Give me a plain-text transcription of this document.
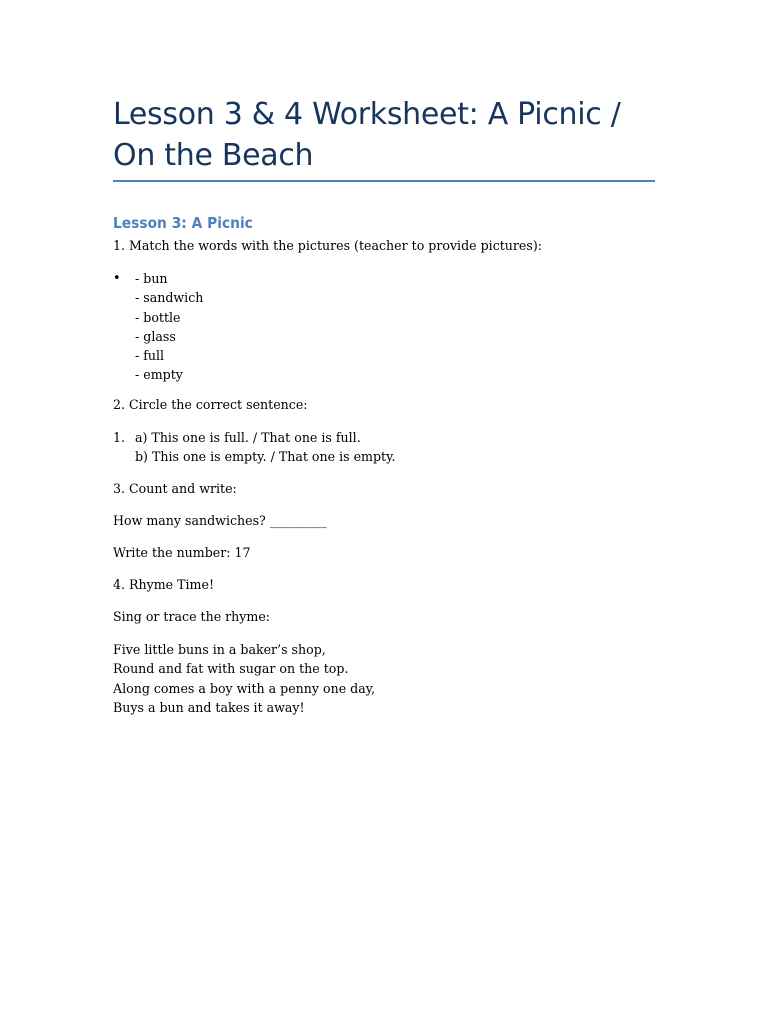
Lesson 3 & 4 Worksheet: A Picnic / On the Beach
Lesson 3: A Picnic
1. Match the words with the pictures (teacher to provide pictures):
• - bun
- sandwich
- bottle
- glass
- full
- empty
2. Circle the correct sentence:
1. a) This one is full. / That one is full.
b) This one is empty. / That one is empty.
3. Count and write:
How many sandwiches? _________
Write the number: 17
4. Rhyme Time!
Sing or trace the rhyme:
Five little buns in a baker’s shop,
Round and fat with sugar on the top.
Along comes a boy with a penny one day,
Buys a bun and takes it away!
